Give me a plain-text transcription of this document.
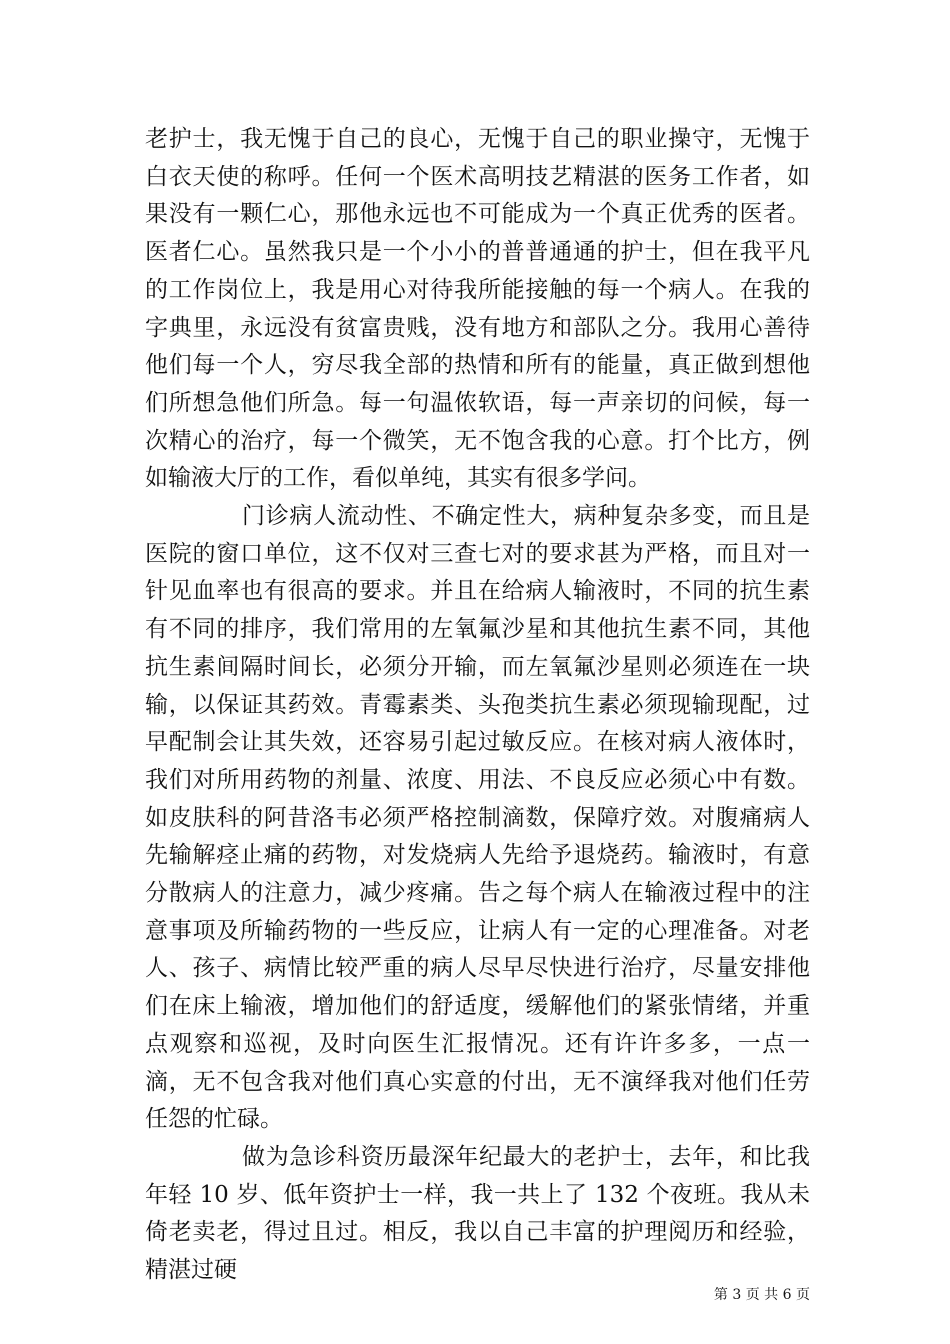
老护士，我无愧于自己的良心，无愧于自己的职业操守，无愧于白衣天使的称呼。任何一个医术高明技艺精湛的医务工作者，如果没有一颗仁心，那他永远也不可能成为一个真正优秀的医者。医者仁心。虽然我只是一个小小的普普通通的护士，但在我平凡的工作岗位上，我是用心对待我所能接触的每一个病人。在我的字典里，永远没有贫富贵贱，没有地方和部队之分。我用心善待他们每一个人，穷尽我全部的热情和所有的能量，真正做到想他们所想急他们所急。每一句温侬软语，每一声亲切的问候，每一次精心的治疗，每一个微笑，无不饱含我的心意。打个比方，例如输液大厅的工作，看似单纯，其实有很多学问。

门诊病人流动性、不确定性大，病种复杂多变，而且是医院的窗口单位，这不仅对三查七对的要求甚为严格，而且对一针见血率也有很高的要求。并且在给病人输液时，不同的抗生素有不同的排序，我们常用的左氧氟沙星和其他抗生素不同，其他抗生素间隔时间长，必须分开输，而左氧氟沙星则必须连在一块输，以保证其药效。青霉素类、头孢类抗生素必须现输现配，过早配制会让其失效，还容易引起过敏反应。在核对病人液体时，我们对所用药物的剂量、浓度、用法、不良反应必须心中有数。如皮肤科的阿昔洛韦必须严格控制滴数，保障疗效。对腹痛病人先输解痉止痛的药物，对发烧病人先给予退烧药。输液时，有意分散病人的注意力，减少疼痛。告之每个病人在输液过程中的注意事项及所输药物的一些反应，让病人有一定的心理准备。对老人、孩子、病情比较严重的病人尽早尽快进行治疗，尽量安排他们在床上输液，增加他们的舒适度，缓解他们的紧张情绪，并重点观察和巡视，及时向医生汇报情况。还有许许多多，一点一滴，无不包含我对他们真心实意的付出，无不演绎我对他们任劳任怨的忙碌。

做为急诊科资历最深年纪最大的老护士，去年，和比我年轻 10 岁、低年资护士一样，我一共上了 132 个夜班。我从未倚老卖老，得过且过。相反，我以自己丰富的护理阅历和经验，精湛过硬

第 3 页 共 6 页
